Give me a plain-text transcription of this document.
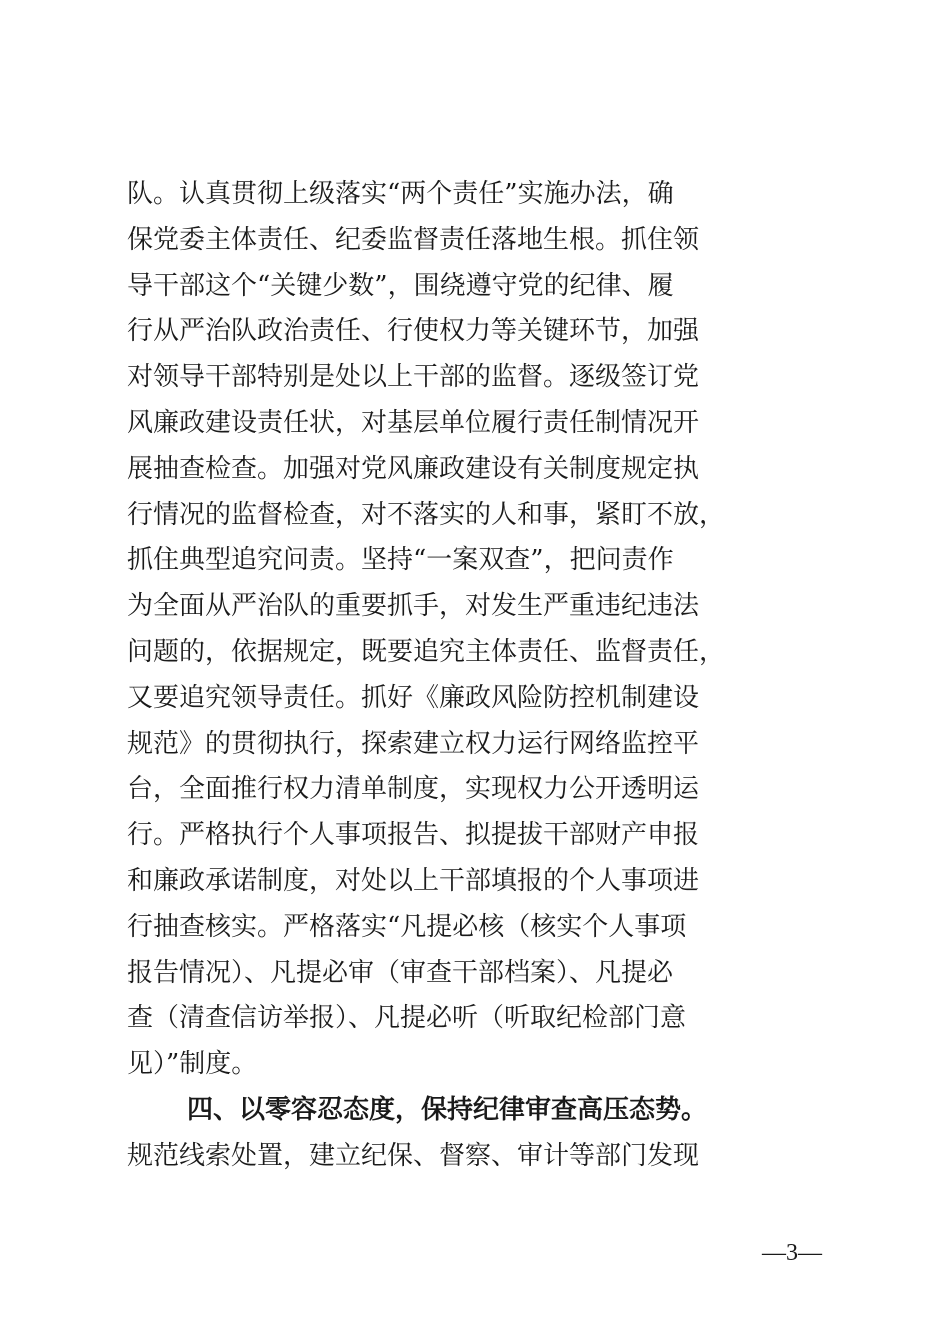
队。认真贯彻上级落实“两个责任”实施办法，确
保党委主体责任、纪委监督责任落地生根。抓住领
导干部这个“关键少数”，围绕遵守党的纪律、履
行从严治队政治责任、行使权力等关键环节，加强
对领导干部特别是处以上干部的监督。逐级签订党
风廉政建设责任状，对基层单位履行责任制情况开
展抽查检查。加强对党风廉政建设有关制度规定执
行情况的监督检查，对不落实的人和事，紧盯不放，
抓住典型追究问责。坚持“一案双查”，把问责作
为全面从严治队的重要抓手，对发生严重违纪违法
问题的，依据规定，既要追究主体责任、监督责任，
又要追究领导责任。抓好《廉政风险防控机制建设
规范》的贯彻执行，探索建立权力运行网络监控平
台，全面推行权力清单制度，实现权力公开透明运
行。严格执行个人事项报告、拟提拔干部财产申报
和廉政承诺制度，对处以上干部填报的个人事项进
行抽查核实。严格落实“凡提必核（核实个人事项
报告情况）、凡提必审（审查干部档案）、凡提必
查（清查信访举报）、凡提必听（听取纪检部门意
见）”制度。
四、以零容忍态度，保持纪律审查高压态势。
规范线索处置，建立纪保、督察、审计等部门发现
—3—
